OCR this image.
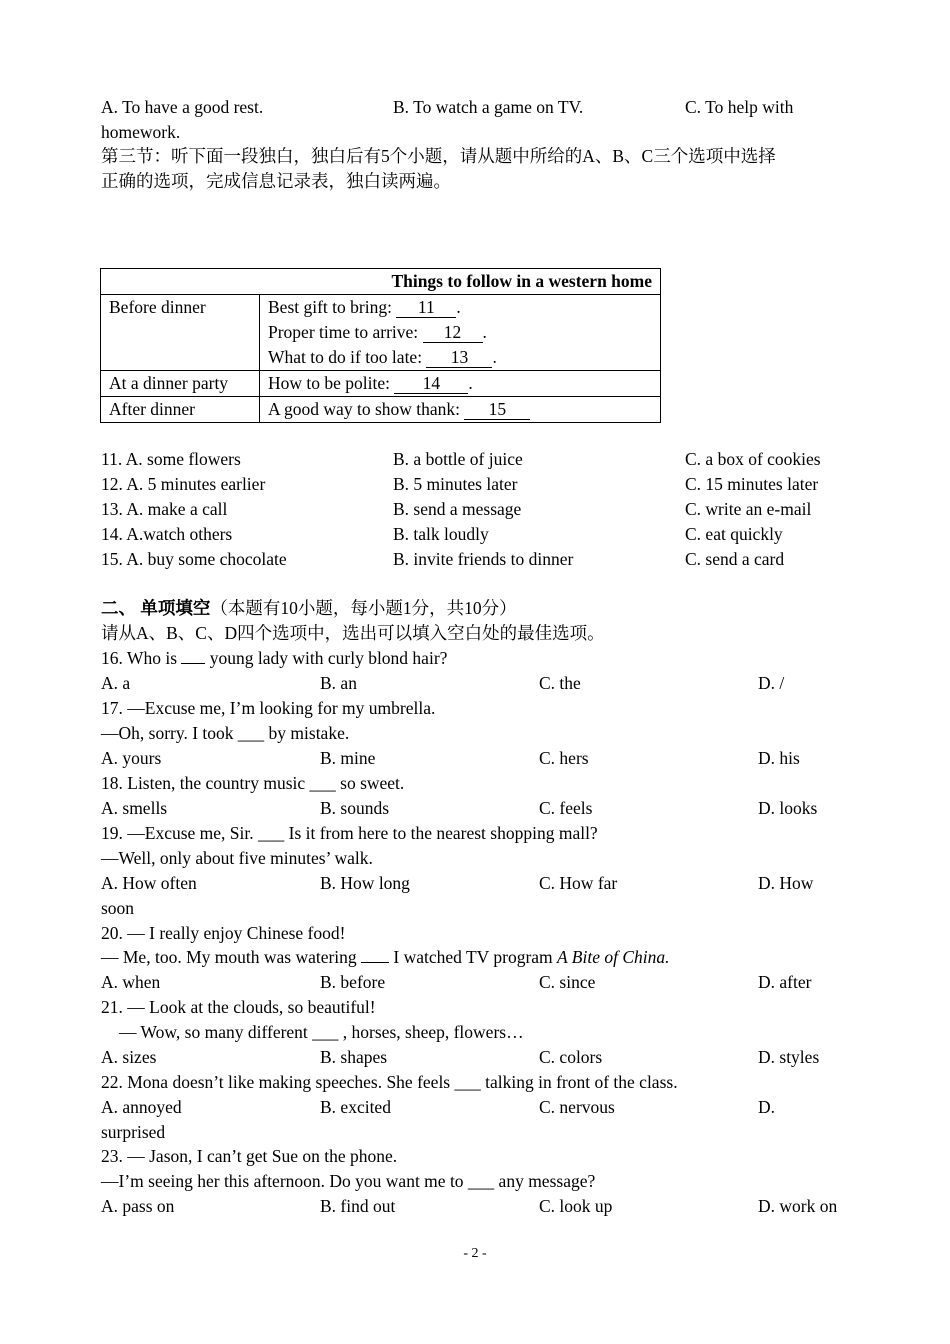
A. To have a good rest.	B. To watch a game on TV.	C. To help with
homework.
第三节：听下面一段独白，独白后有5个小题，请从题中所给的A、B、C三个选项中选择
正确的选项，完成信息记录表，独白读两遍。
Things to follow in a western home	
Before dinner	Best gift to bring: 11 .
Proper time to arrive: 12 .
What to do if too late: 13 .

At a dinner party	How to be polite: 14 .
After dinner	A good way to show thank: 15
11. A. some flowers	B. a bottle of juice	C. a box of cookies
12. A. 5 minutes earlier	B. 5 minutes later	C. 15 minutes later
13. A. make a call	B. send a message	C. write an e-mail
14. A.watch others	B. talk loudly	C. eat quickly
15. A. buy some chocolate	B. invite friends to dinner	C. send a card
二、 单项填空（本题有10小题，每小题1分，共10分）
请从A、B、C、D四个选项中，选出可以填入空白处的最佳选项。
16. Who is young lady with curly blond hair?
A. a	B. an	C. the	D. /
17. —Excuse me, I’m looking for my umbrella.
—Oh, sorry. I took ___ by mistake.
A. yours	B. mine	C. hers	D. his
18. Listen, the country music ___ so sweet.
A. smells	B. sounds	C. feels	D. looks
19. —Excuse me, Sir. ___ Is it from here to the nearest shopping mall?
—Well, only about five minutes’ walk.
A. How often	B. How long	C. How far	D. How
soon
20. — I really enjoy Chinese food!
— Me, too. My mouth was watering I watched TV program A Bite of China.
A. when	B. before	C. since	D. after
21. — Look at the clouds, so beautiful!
— Wow, so many different ___ , horses, sheep, flowers…
A. sizes	B. shapes	C. colors	D. styles
22. Mona doesn’t like making speeches. She feels ___ talking in front of the class.
A. annoyed	B. excited	C. nervous	D.
surprised
23. — Jason, I can’t get Sue on the phone.
—I’m seeing her this afternoon. Do you want me to ___ any message?
A. pass on	B. find out	C. look up	D. work on
- 2 -
